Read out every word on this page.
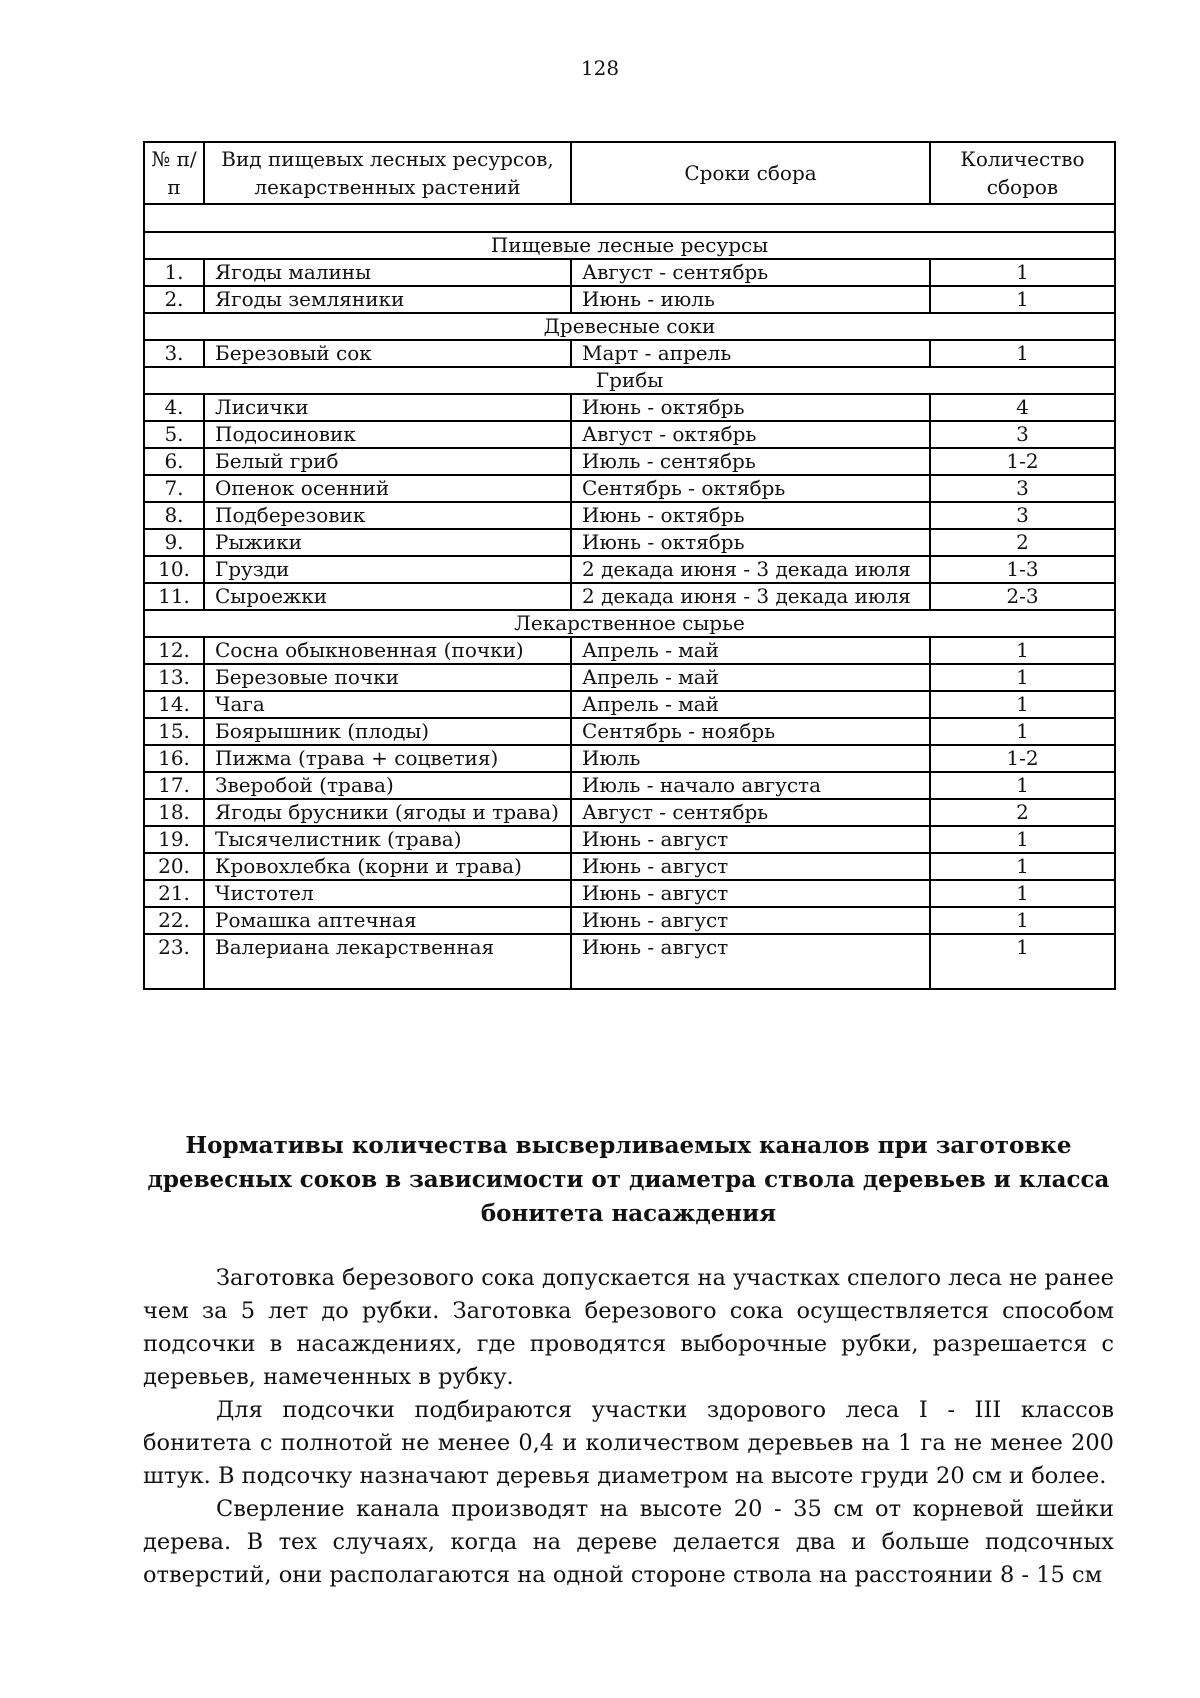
128
№ п/п	Вид пищевых лесных ресурсов, лекарственных растений	Сроки сбора	Количество сборов

Пищевые лесные ресурсы			
1.	Ягоды малины	Август - сентябрь	1
2.	Ягоды земляники	Июнь - июль	1
Древесные соки			
3.	Березовый сок	Март - апрель	1
Грибы			
4.	Лисички	Июнь - октябрь	4
5.	Подосиновик	Август - октябрь	3
6.	Белый гриб	Июль - сентябрь	1-2
7.	Опенок осенний	Сентябрь - октябрь	3
8.	Подберезовик	Июнь - октябрь	3
9.	Рыжики	Июнь - октябрь	2
10.	Грузди	2 декада июня - 3 декада июля	1-3
11.	Сыроежки	2 декада июня - 3 декада июля	2-3
Лекарственное сырье			
12.	Сосна обыкновенная (почки)	Апрель - май	1
13.	Березовые почки	Апрель - май	1
14.	Чага	Апрель - май	1
15.	Боярышник (плоды)	Сентябрь - ноябрь	1
16.	Пижма (трава + соцветия)	Июль	1-2
17.	Зверобой (трава)	Июль - начало августа	1
18.	Ягоды брусники (ягоды и трава)	Август - сентябрь	2
19.	Тысячелистник (трава)	Июнь - август	1
20.	Кровохлебка (корни и трава)	Июнь - август	1
21.	Чистотел	Июнь - август	1
22.	Ромашка аптечная	Июнь - август	1
23.	Валериана лекарственная	Июнь - август	1
Нормативы количества высверливаемых каналов при заготовке древесных соков в зависимости от диаметра ствола деревьев и класса бонитета насаждения

Заготовка березового сока допускается на участках спелого леса не ранее чем за 5 лет до рубки. Заготовка березового сока осуществляется способом подсочки в насаждениях, где проводятся выборочные рубки, разрешается с деревьев, намеченных в рубку.

Для подсочки подбираются участки здорового леса I - III классов бонитета с полнотой не менее 0,4 и количеством деревьев на 1 га не менее 200 штук. В подсочку назначают деревья диаметром на высоте груди 20 см и более.

Сверление канала производят на высоте 20 - 35 см от корневой шейки дерева. В тех случаях, когда на дереве делается два и больше подсочных отверстий, они располагаются на одной стороне ствола на расстоянии 8 - 15 см
